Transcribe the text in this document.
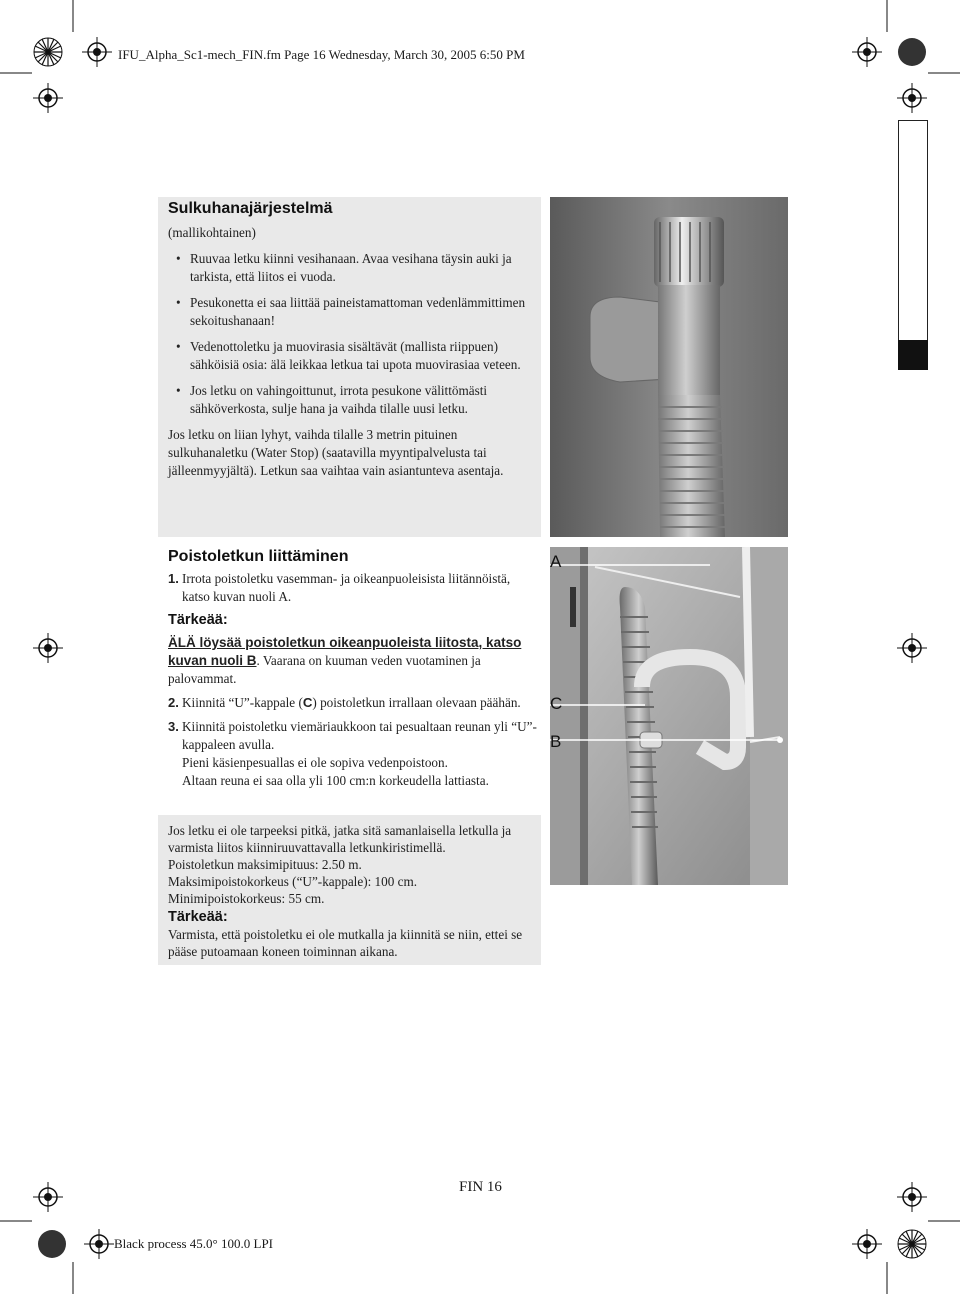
IFU_Alpha_Sc1-mech_FIN.fm Page 16 Wednesday, March 30, 2005 6:50 PM
Sulkuhanajärjestelmä
(mallikohtainen)
• Ruuvaa letku kiinni vesihanaan. Avaa vesihana täysin auki ja tarkista, että liitos ei vuoda.
• Pesukonetta ei saa liittää paineistamattoman vedenlämmittimen sekoitushanaan!
• Vedenottoletku ja muovirasia sisältävät (mallista riippuen) sähköisiä osia: älä leikkaa letkua tai upota muovirasiaa veteen.
• Jos letku on vahingoittunut, irrota pesukone välittömästi sähköverkosta, sulje hana ja vaihda tilalle uusi letku.
Jos letku on liian lyhyt, vaihda tilalle 3 metrin pituinen sulkuhanaletku (Water Stop) (saatavilla myyntipalvelusta tai jälleenmyyjältä). Letkun saa vaihtaa vain asiantunteva asentaja.
Poistoletkun liittäminen
1. Irrota poistoletku vasemman- ja oikeanpuoleisista liitännöistä, katso kuvan nuoli A.
Tärkeää:
ÄLÄ löysää poistoletkun oikeanpuoleista liitosta, katso kuvan nuoli B. Vaarana on kuuman veden vuotaminen ja palovammat.
2. Kiinnitä “U”-kappale (C) poistoletkun irrallaan olevaan päähän.
3. Kiinnitä poistoletku viemäriaukkoon tai pesualtaan reunan yli “U”-kappaleen avulla.
Pieni käsienpesuallas ei ole sopiva vedenpoistoon.
Altaan reuna ei saa olla yli 100 cm:n korkeudella lattiasta.
A
C
B
Jos letku ei ole tarpeeksi pitkä, jatka sitä samanlaisella letkulla ja varmista liitos kiinniruuvattavalla letkunkiristimellä.
Poistoletkun maksimipituus: 2.50 m.
Maksimipoistokorkeus (“U”-kappale): 100 cm.
Minimipoistokorkeus: 55 cm.
Tärkeää:
Varmista, että poistoletku ei ole mutkalla ja kiinnitä se niin, ettei se pääse putoamaan koneen toiminnan aikana.
FIN 16
Black process 45.0° 100.0 LPI
